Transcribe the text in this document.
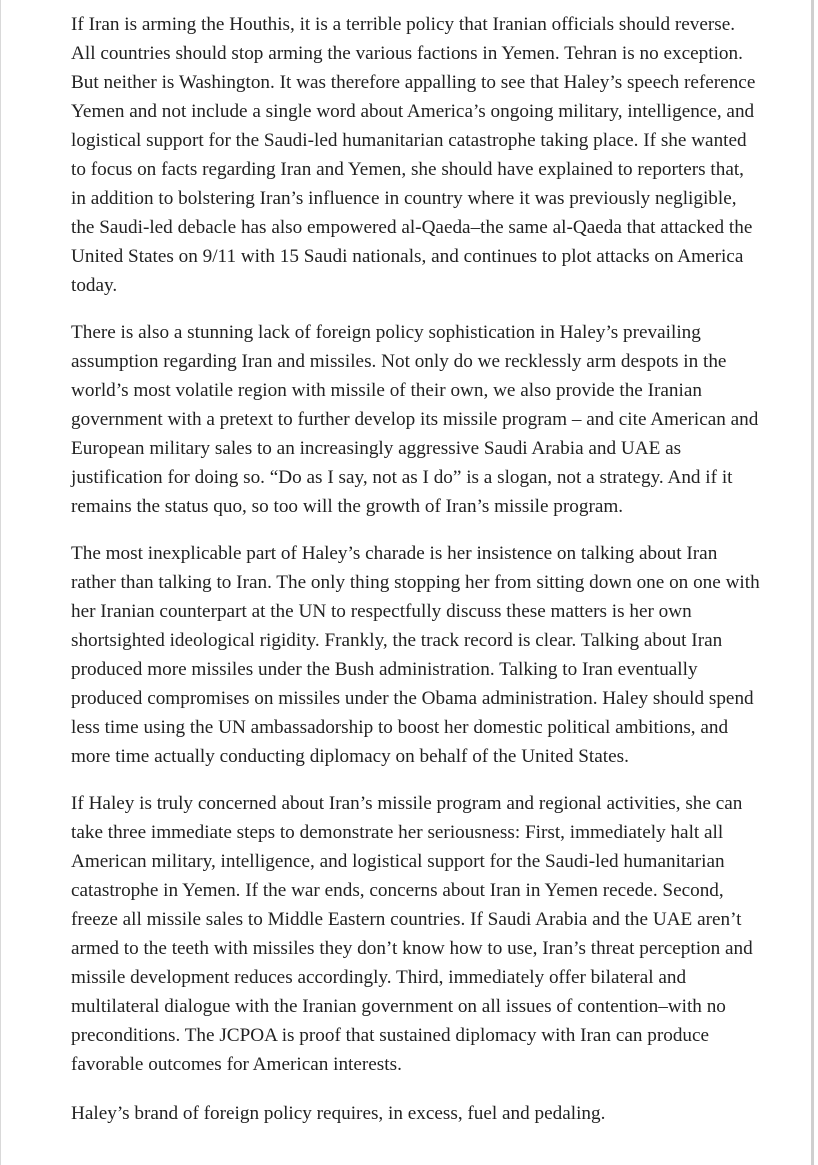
If Iran is arming the Houthis, it is a terrible policy that Iranian officials should reverse. All countries should stop arming the various factions in Yemen. Tehran is no exception. But neither is Washington. It was therefore appalling to see that Haley’s speech reference Yemen and not include a single word about America’s ongoing military, intelligence, and logistical support for the Saudi-led humanitarian catastrophe taking place. If she wanted to focus on facts regarding Iran and Yemen, she should have explained to reporters that, in addition to bolstering Iran’s influence in country where it was previously negligible, the Saudi-led debacle has also empowered al-Qaeda–the same al-Qaeda that attacked the United States on 9/11 with 15 Saudi nationals, and continues to plot attacks on America today.

There is also a stunning lack of foreign policy sophistication in Haley’s prevailing assumption regarding Iran and missiles. Not only do we recklessly arm despots in the world’s most volatile region with missile of their own, we also provide the Iranian government with a pretext to further develop its missile program – and cite American and European military sales to an increasingly aggressive Saudi Arabia and UAE as justification for doing so. “Do as I say, not as I do” is a slogan, not a strategy. And if it remains the status quo, so too will the growth of Iran’s missile program.

The most inexplicable part of Haley’s charade is her insistence on talking about Iran rather than talking to Iran. The only thing stopping her from sitting down one on one with her Iranian counterpart at the UN to respectfully discuss these matters is her own shortsighted ideological rigidity. Frankly, the track record is clear. Talking about Iran produced more missiles under the Bush administration. Talking to Iran eventually produced compromises on missiles under the Obama administration. Haley should spend less time using the UN ambassadorship to boost her domestic political ambitions, and more time actually conducting diplomacy on behalf of the United States.

If Haley is truly concerned about Iran’s missile program and regional activities, she can take three immediate steps to demonstrate her seriousness: First, immediately halt all American military, intelligence, and logistical support for the Saudi-led humanitarian catastrophe in Yemen. If the war ends, concerns about Iran in Yemen recede. Second, freeze all missile sales to Middle Eastern countries. If Saudi Arabia and the UAE aren’t armed to the teeth with missiles they don’t know how to use, Iran’s threat perception and missile development reduces accordingly. Third, immediately offer bilateral and multilateral dialogue with the Iranian government on all issues of contention–with no preconditions. The JCPOA is proof that sustained diplomacy with Iran can produce favorable outcomes for American interests.

Haley’s brand of foreign policy requires, in excess, fuel and pedaling.
